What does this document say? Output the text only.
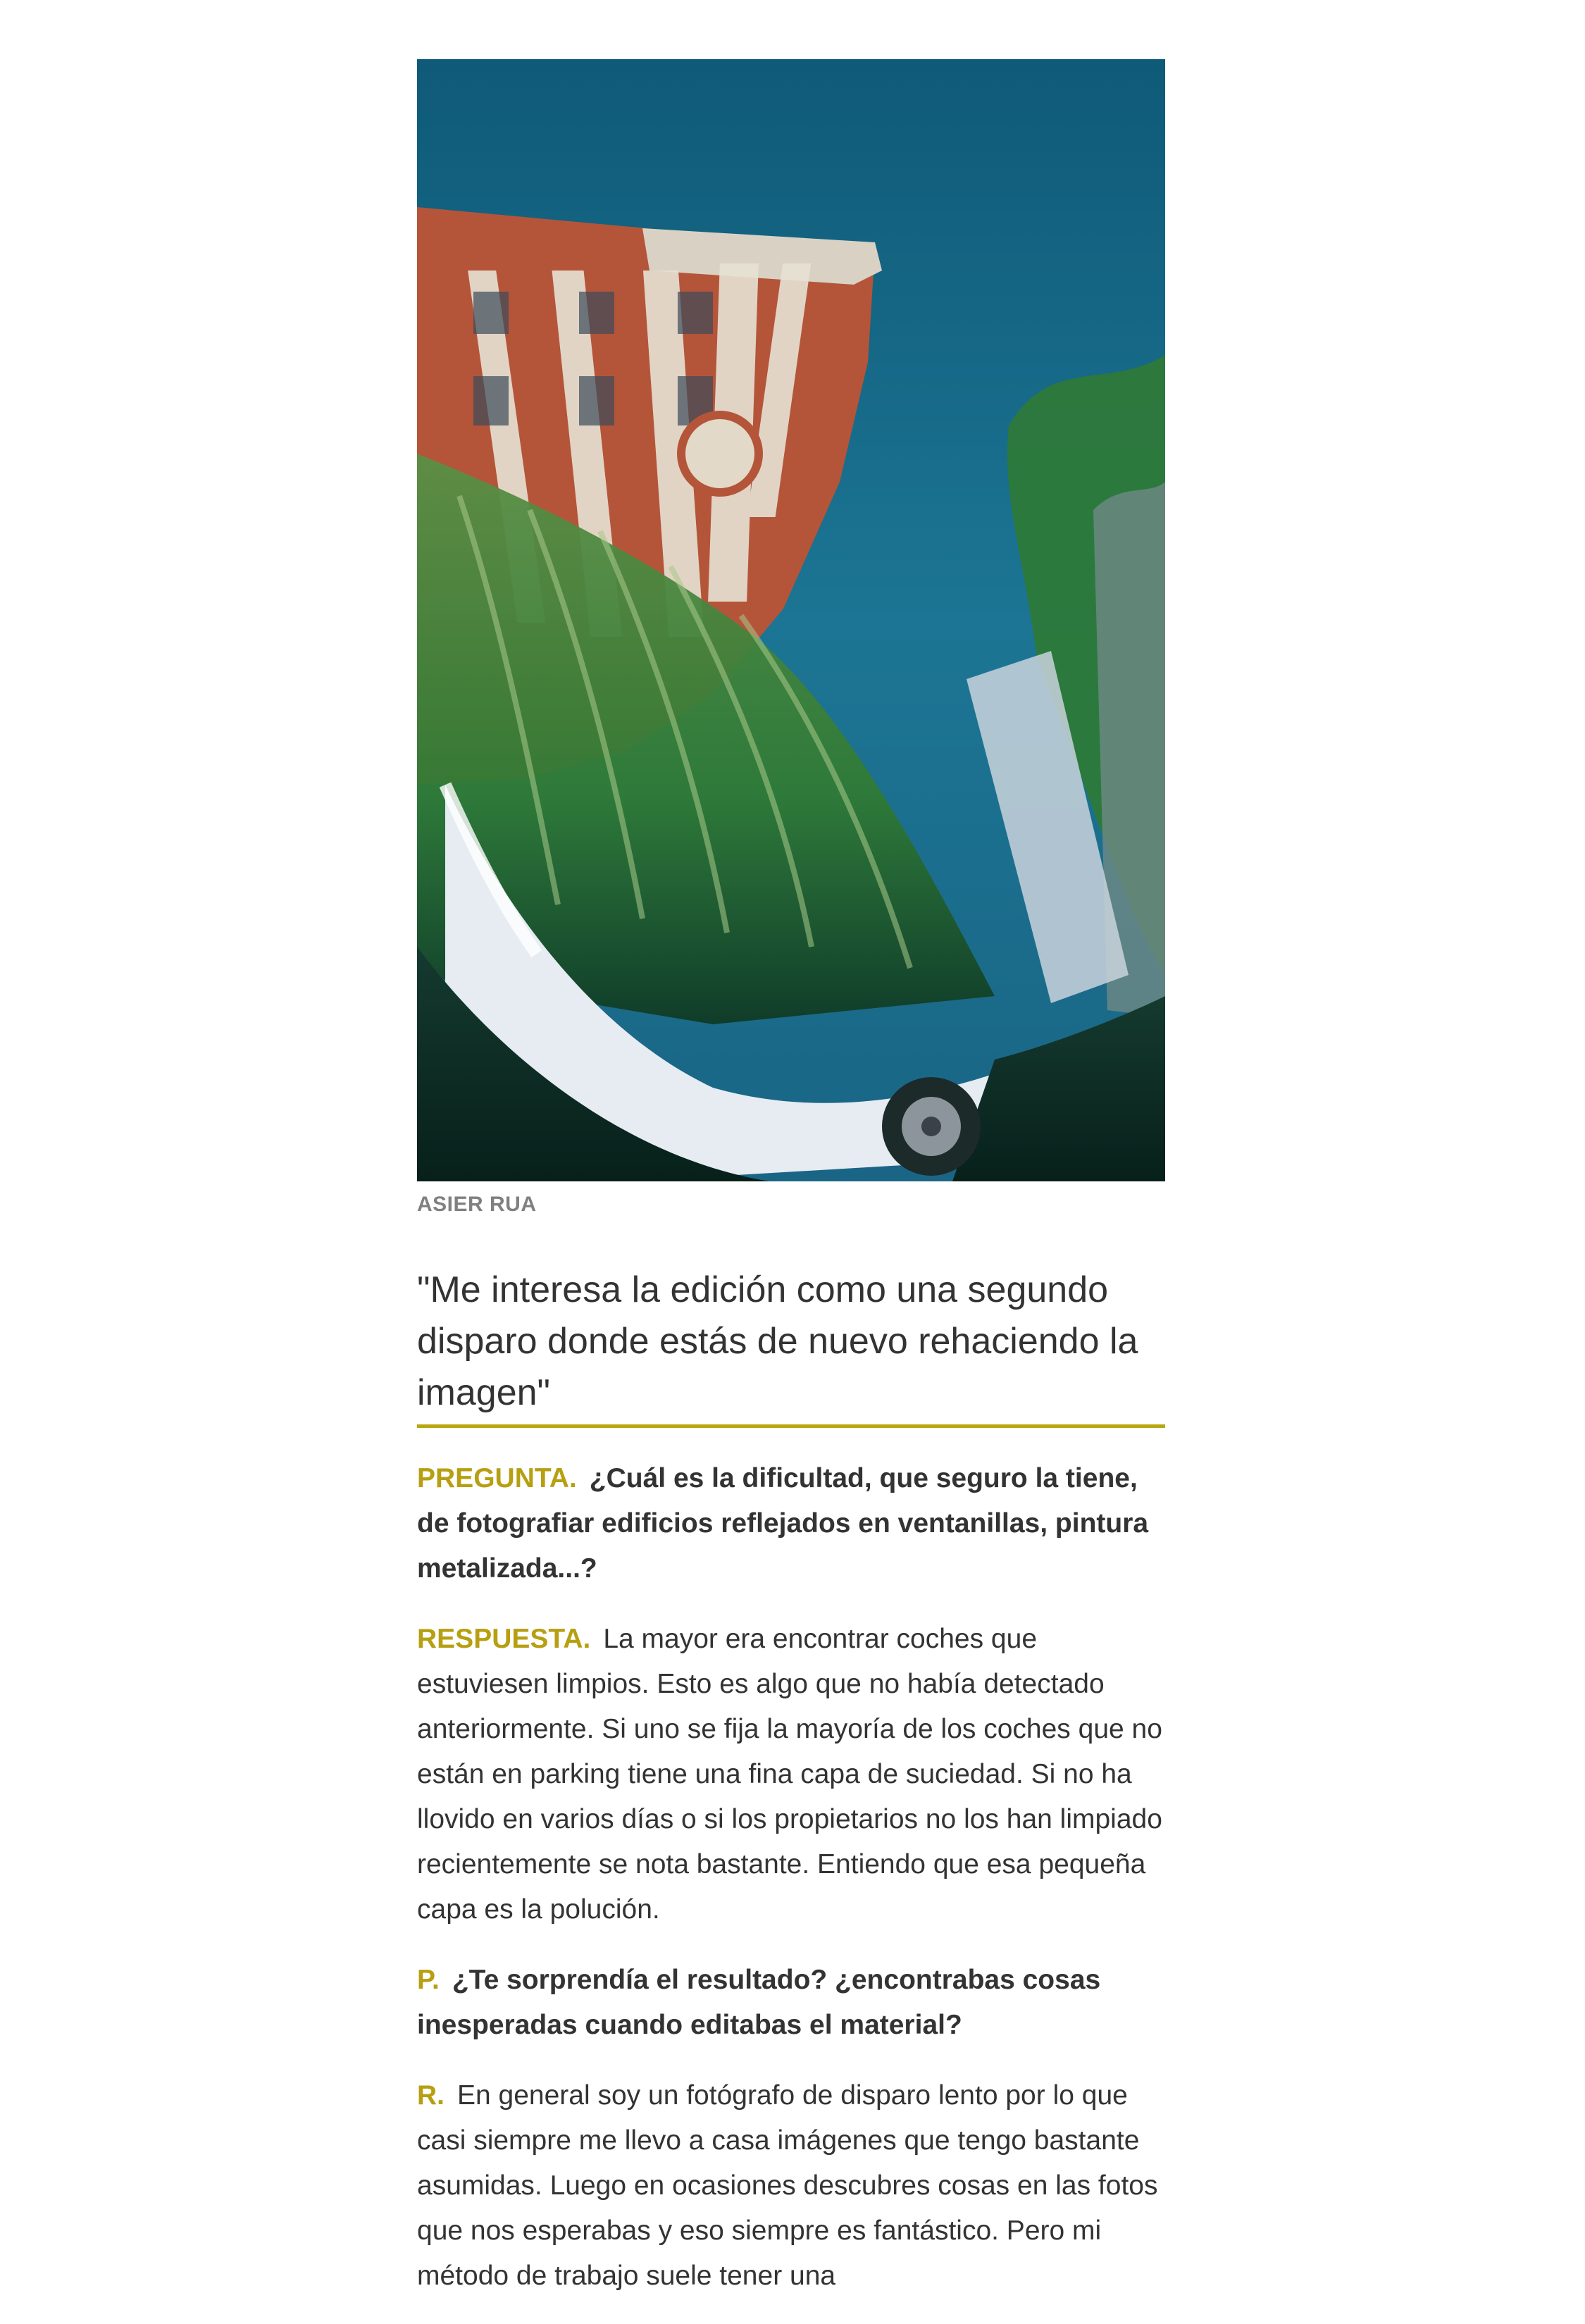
ASIER RUA
"Me interesa la edición como una segundo disparo donde estás de nuevo rehaciendo la imagen"

PREGUNTA. ¿Cuál es la dificultad, que seguro la tiene, de fotografiar edificios reflejados en ventanillas, pintura metalizada...?

RESPUESTA. La mayor era encontrar coches que estuviesen limpios. Esto es algo que no había detectado anteriormente. Si uno se fija la mayoría de los coches que no están en parking tiene una fina capa de suciedad. Si no ha llovido en varios días o si los propietarios no los han limpiado recientemente se nota bastante. Entiendo que esa pequeña capa es la polución.

P. ¿Te sorprendía el resultado? ¿encontrabas cosas inesperadas cuando editabas el material?

R. En general soy un fotógrafo de disparo lento por lo que casi siempre me llevo a casa imágenes que tengo bastante asumidas. Luego en ocasiones descubres cosas en las fotos que nos esperabas y eso siempre es fantástico. Pero mi método de trabajo suele tener una
